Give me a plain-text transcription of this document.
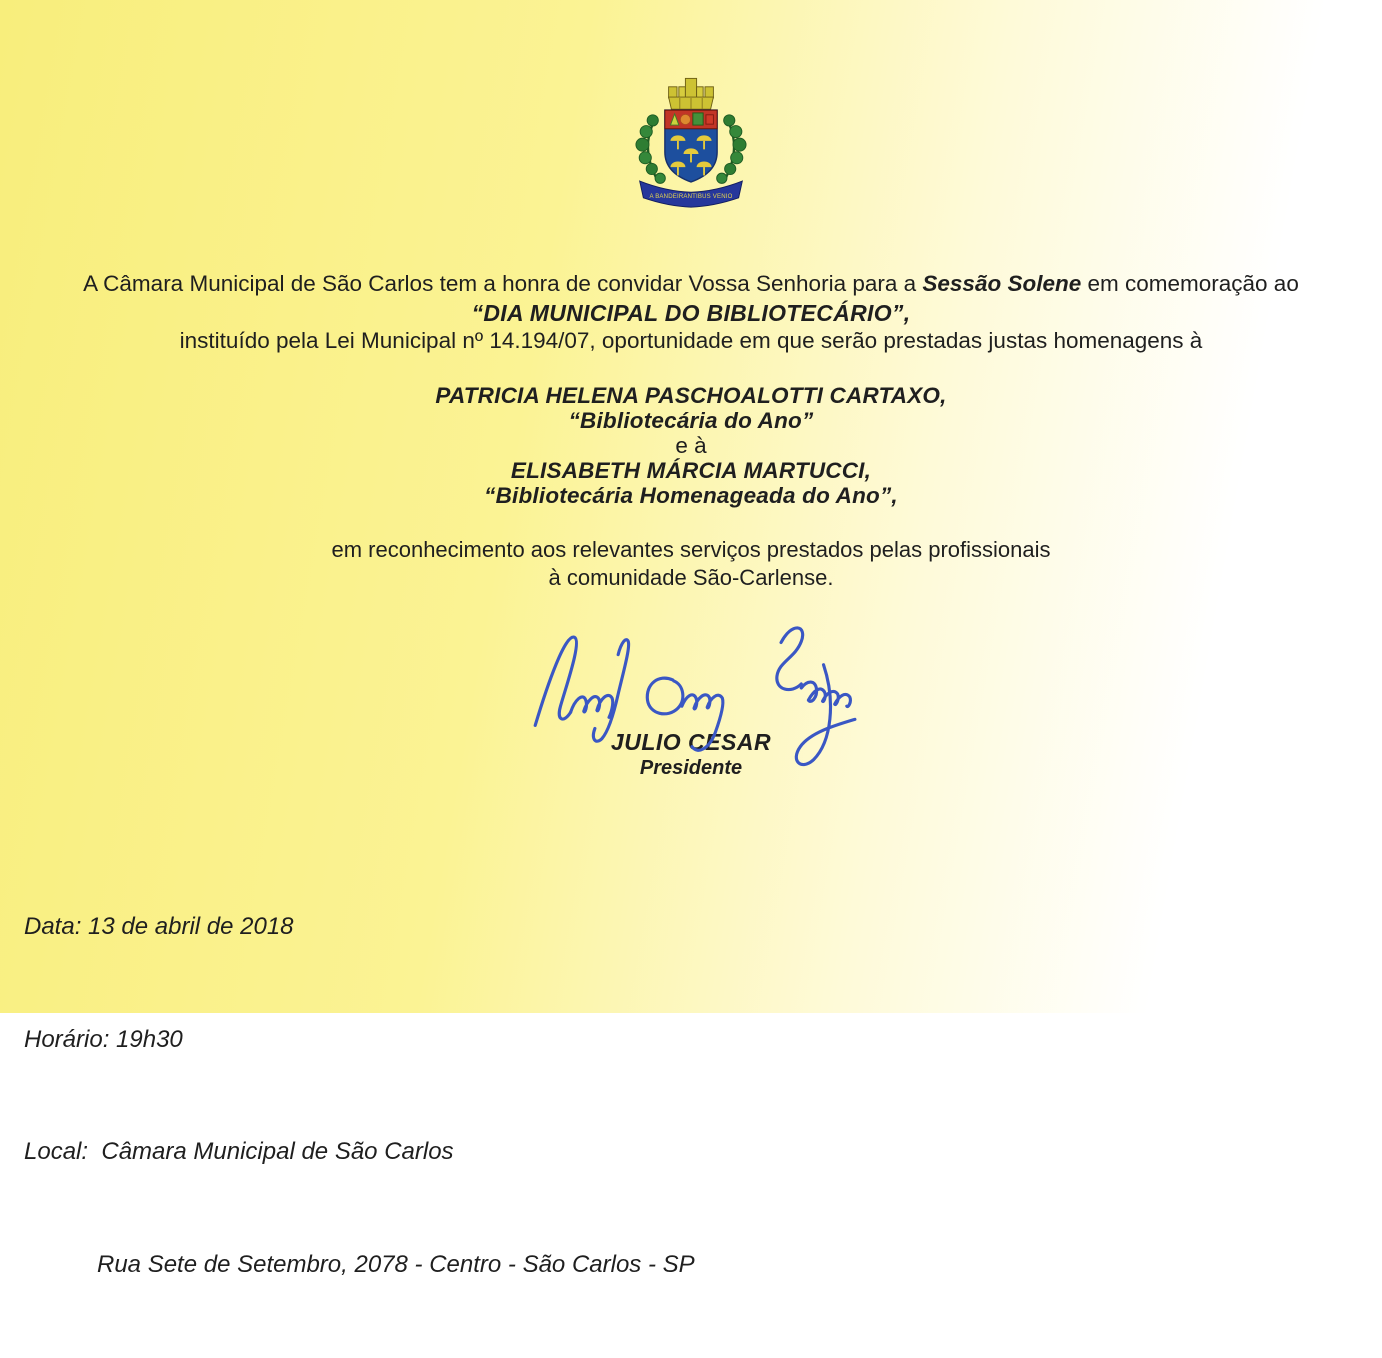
A BANDEIRANTIBUS VENIO
A Câmara Municipal de São Carlos tem a honra de convidar Vossa Senhoria para a Sessão Solene em comemoração ao
“DIA MUNICIPAL DO BIBLIOTECÁRIO”,
instituído pela Lei Municipal nº 14.194/07, oportunidade em que serão prestadas justas homenagens à
PATRICIA HELENA PASCHOALOTTI CARTAXO,
“Bibliotecária do Ano”
e à
ELISABETH MÁRCIA MARTUCCI,
“Bibliotecária Homenageada do Ano”,
em reconhecimento aos relevantes serviços prestados pelas profissionais
à comunidade São-Carlense.
JULIO CESAR
Presidente

Data: 13 de abril de 2018

Horário: 19h30

Local:  Câmara Municipal de São Carlos

Rua Sete de Setembro, 2078 - Centro - São Carlos - SP
